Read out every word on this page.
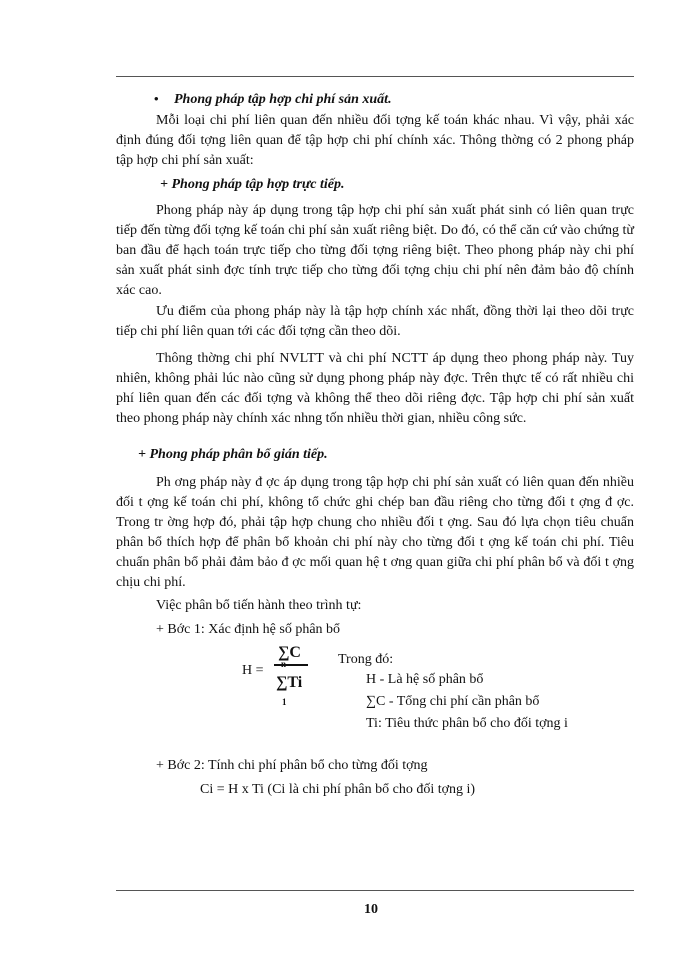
• Phong pháp tập hợp chi phí sản xuất.
Mỗi loại chi phí liên quan đến nhiều đối tợng kế toán khác nhau. Vì vậy, phải xác định đúng đối tợng liên quan để tập hợp chi phí chính xác. Thông thờng có 2 phong pháp tập hợp chi phí sản xuất:
+ Phong pháp tập hợp trực tiếp.
Phong pháp này áp dụng trong tập hợp chi phí sản xuất phát sinh có liên quan trực tiếp đến từng đối tợng kế toán chi phí sản xuất riêng biệt. Do đó, có thể căn cứ vào chứng từ ban đầu để hạch toán trực tiếp cho từng đối tợng riêng biệt. Theo phong pháp này chi phí sản xuất phát sinh đợc tính trực tiếp cho từng đối tợng chịu chi phí nên đảm bảo độ chính xác cao.
Ưu điểm của phong pháp này là tập hợp chính xác nhất, đồng thời lại theo dõi trực tiếp chi phí liên quan tới các đối tợng cần theo dõi.
Thông thờng chi phí NVLTT và chi phí NCTT áp dụng theo phong pháp này. Tuy nhiên, không phải lúc nào cũng sử dụng phong pháp này đợc. Trên thực tế có rất nhiều chi phí liên quan đến các đối tợng và không thể theo dõi riêng đợc. Tập hợp chi phí sản xuất theo phong pháp này chính xác nhng tốn nhiều thời gian, nhiều công sức.
+ Phong pháp phân bổ gián tiếp.
Ph ơng pháp này đ ợc áp dụng trong tập hợp chi phí sản xuất có liên quan đến nhiều đối t ợng kế toán chi phí, không tổ chức ghi chép ban đầu riêng cho từng đối t ợng đ ợc. Trong tr ờng hợp đó, phải tập hợp chung cho nhiều đối t ợng. Sau đó lựa chọn tiêu chuẩn phân bổ thích hợp để phân bổ khoản chi phí này cho từng đối t ợng kế toán chi phí. Tiêu chuẩn phân bổ phải đảm bảo đ ợc mối quan hệ t ơng quan giữa chi phí phân bổ và đối t ợng chịu chi phí.
Việc phân bổ tiến hành theo trình tự:
+ Bớc 1: Xác định hệ số phân bổ
H =
∑C
n
∑Ti
1
Trong đó:
H - Là hệ số phân bổ
∑C - Tổng chi phí cần phân bổ
Ti: Tiêu thức phân bổ cho đối tợng i
+ Bớc 2: Tính chi phí phân bổ cho từng đối tợng
Ci = H x Ti (Ci là chi phí phân bổ cho đối tợng i)
10
